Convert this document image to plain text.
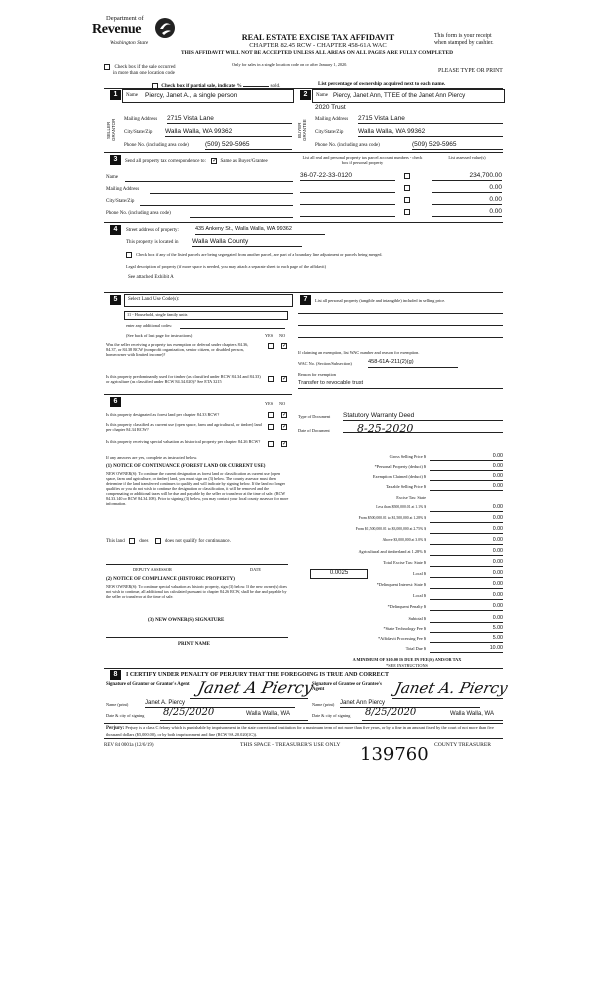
Department of
Revenue
Washington State
REAL ESTATE EXCISE TAX AFFIDAVIT
CHAPTER 82.45 RCW - CHAPTER 458-61A WAC
THIS AFFIDAVIT WILL NOT BE ACCEPTED UNLESS ALL AREAS ON ALL PAGES ARE FULLY COMPLETED
This form is your receipt
when stamped by cashier.
Check box if the sale occurred
in more than one location code
Only for sales in a single location code on or after January 1, 2020.
PLEASE TYPE OR PRINT
Check box if partial sale, indicate %	sold.	List percentage of ownership acquired next to each name.
1
SELLER GRANTOR
Name Piercy, Janet A., a single person
Mailing Address 2715 Vista Lane
City/State/Zip Walla Walla, WA 99362
Phone No. (including area code) (509) 529-5965
2
BUYER GRANTEE
Name Piercy, Janet Ann, TTEE of the Janet Ann Piercy
2020 Trust
Mailing Address 2715 Vista Lane
City/State/Zip Walla Walla, WA 99362
Phone No. (including area code)	(509) 529-5965
3	Send all property tax correspondence to: ✓ Same as Buyer/Grantee
Name
Mailing Address
City/State/Zip
Phone No. (including area code)
List all real and personal property tax parcel account numbers - check box if personal property
List assessed value(s)
36-07-22-33-0120	234,700.00
0.00
0.00
0.00
4	Street address of property:	435 Ankeny St., Walla Walla, WA 99362
This property is located in Walla Walla County
Check box if any of the listed parcels are being segregated from another parcel, are part of a boundary line adjustment or parcels being merged.
Legal description of property (if more space is needed, you may attach a separate sheet to each page of the affidavit)
See attached Exhibit A
5	Select Land Use Code(s):
11 - Household, single family units
enter any additional codes:
(See back of last page for instructions)	YES NO
Was the seller receiving a property tax exemption or deferral under chapters 84.36, 84.37, or 84.38 RCW (nonprofit organization, senior citizen, or disabled person, homeowner with limited income)?
✓
Is this property predominantly used for timber (as classified under RCW 84.34 and 84.33) or agriculture (as classified under RCW 84.34.020)? See ETA 3215	✓
6	YES NO
Is this property designated as forest land per chapter 84.33 RCW?	✓
Is this property classified as current use (open space, farm and agricultural, or timber) land per chapter 84.34 RCW?	✓
Is this property receiving special valuation as historical property per chapter 84.26 RCW?	✓
If any answers are yes, complete as instructed below.
(1) NOTICE OF CONTINUANCE (FOREST LAND OR CURRENT USE)
NEW OWNER(S): To continue the current designation as forest land or classification as current use (open space, farm and agriculture, or timber) land, you must sign on (3) below. The county assessor must then determine if the land transferred continues to qualify and will indicate by signing below. If the land no longer qualifies or you do not wish to continue the designation or classification, it will be removed and the compensating or additional taxes will be due and payable by the seller or transferor at the time of sale. (RCW 84.33.140 or RCW 84.34.108). Prior to signing (3) below, you may contact your local county assessor for more information.
This land	does	does not qualify for continuance.
DEPUTY ASSESSOR	DATE
(2) NOTICE OF COMPLIANCE (HISTORIC PROPERTY)
NEW OWNER(S): To continue special valuation as historic property, sign (3) below. If the new owner(s) does not wish to continue, all additional tax calculated pursuant to chapter 84.26 RCW, shall be due and payable by the seller or transferor at the time of sale.
(3) NEW OWNER(S) SIGNATURE
PRINT NAME
7	List all personal property (tangible and intangible) included in selling price.
If claiming an exemption, list WAC number and reason for exemption.
WAC No. (Section/Subsection)	458-61A-211(2)(g)
Reason for exemption
Transfer to revocable trust
Type of Document Statutory Warranty Deed
Date of Document	8-25-2020
Gross Selling Price $	0.00
*Personal Property (deduct) $	0.00
Exemption Claimed (deduct) $	0.00
Taxable Selling Price $	0.00
Excise Tax: State
Less than $500,000.01 at 1.1% $	0.00
From $500,000.01 to $1,500,000 at 1.28% $	0.00
From $1,500,000.01 to $3,000,000 at 2.75% $	0.00
Above $3,000,000 at 3.0% $	0.00
Agricultural and timberland at 1.28% $	0.00
Total Excise Tax: State $	0.00
0.0025	Local $	0.00
*Delinquent Interest: State $	0.00
Local $	0.00
*Delinquent Penalty $	0.00
Subtotal $	0.00
*State Technology Fee $	5.00
*Affidavit Processing Fee $	5.00
Total Due $	10.00
A MINIMUM OF $10.00 IS DUE IN FEE(S) AND/OR TAX
*SEE INSTRUCTIONS
8	I CERTIFY UNDER PENALTY OF PERJURY THAT THE FOREGOING IS TRUE AND CORRECT
Signature of Grantor or Grantor's Agent Janet A Piercy
Signature of Grantee or Grantee's Agent	Janet A. Piercy
Name (print)	Janet A. Piercy	Name (print) Janet Ann Piercy
Date & city of signing 8/25/2020	Walla Walla, WA	Date & city of signing 8/25/2020	Walla Walla, WA
Perjury: Perjury is a class C felony which is punishable by imprisonment in the state correctional institution for a maximum term of not more than five years, or by a fine in an amount fixed by the court of not more than five thousand dollars ($5,000.00), or by both imprisonment and fine (RCW 9A.20.020(1C)).
REV 84 0001a (12/6/19)	THIS SPACE - TREASURER'S USE ONLY	COUNTY TREASURER
139760
